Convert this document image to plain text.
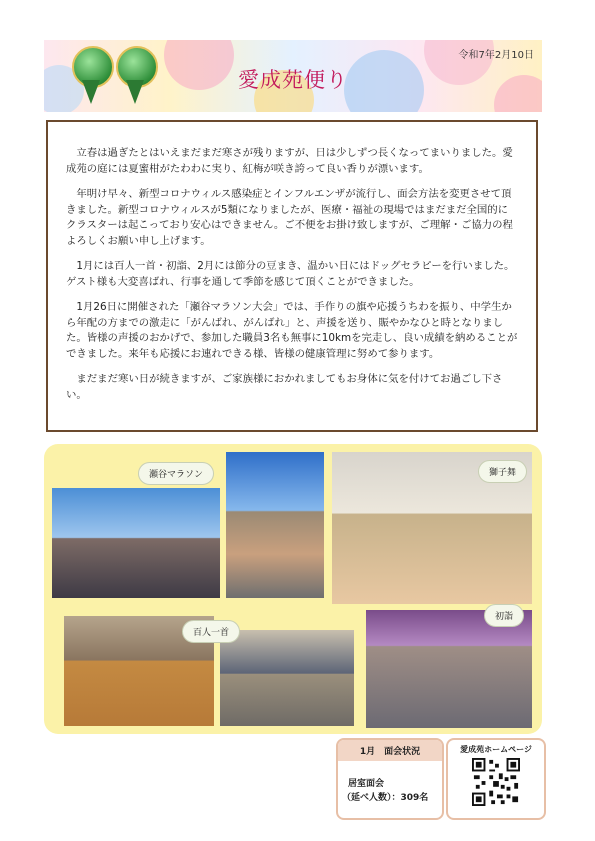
令和7年2月10日
愛成苑便り

立春は過ぎたとはいえまだまだ寒さが残りますが、日は少しずつ長くなってまいりました。愛成苑の庭には夏蜜柑がたわわに実り、紅梅が咲き誇って良い香りが漂います。

年明け早々、新型コロナウィルス感染症とインフルエンザが流行し、面会方法を変更させて頂きました。新型コロナウィルスが5類になりましたが、医療・福祉の現場ではまだまだ全国的にクラスターは起こっており安心はできません。ご不便をお掛け致しますが、ご理解・ご協力の程よろしくお願い申し上げます。

1月には百人一首・初詣、2月には節分の豆まき、温かい日にはドッグセラピーを行いました。ゲスト様も大変喜ばれ、行事を通して季節を感じて頂くことができました。

1月26日に開催された「瀬谷マラソン大会」では、手作りの旗や応援うちわを振り、中学生から年配の方までの激走に「がんばれ、がんばれ」と、声援を送り、賑やかなひと時となりました。皆様の声援のおかげで、参加した職員3名も無事に10kmを完走し、良い成績を納めることができました。来年も応援にお連れできる様、皆様の健康管理に努めて参ります。

まだまだ寒い日が続きますが、ご家族様におかれましてもお身体に気を付けてお過ごし下さい。

瀬谷マラソン	獅子舞
百人一首
初詣
1月　面会状況
居室面会
（延べ人数）：309名
愛成苑ホームページ
